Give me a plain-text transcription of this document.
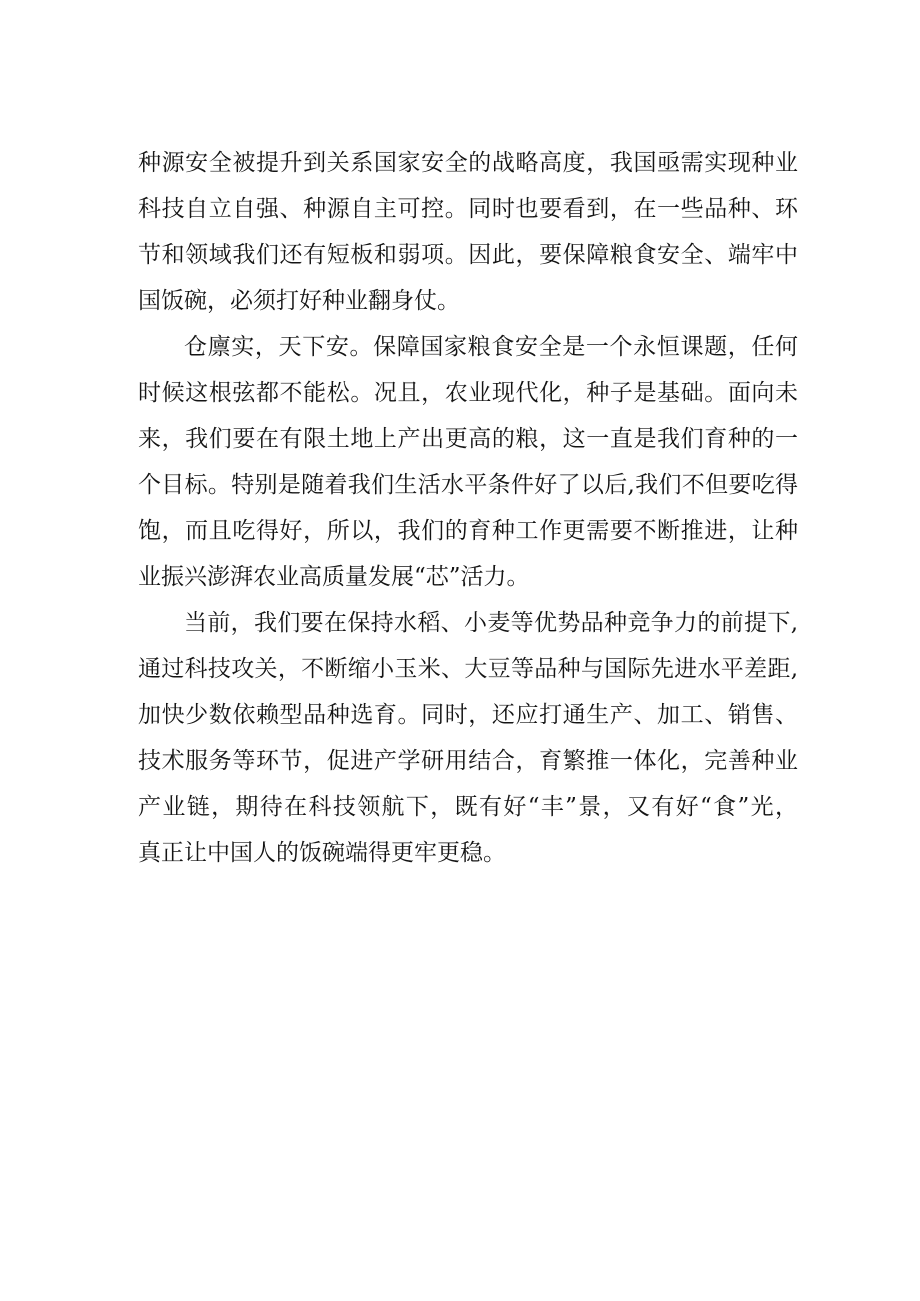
种源安全被提升到关系国家安全的战略高度，我国亟需实现种业
科技自立自强、种源自主可控。同时也要看到，在一些品种、环
节和领域我们还有短板和弱项。因此，要保障粮食安全、端牢中
国饭碗，必须打好种业翻身仗。
仓廪实，天下安。保障国家粮食安全是一个永恒课题，任何
时候这根弦都不能松。况且，农业现代化，种子是基础。面向未
来，我们要在有限土地上产出更高的粮，这一直是我们育种的一
个目标。特别是随着我们生活水平条件好了以后,我们不但要吃得
饱，而且吃得好，所以，我们的育种工作更需要不断推进，让种
业振兴澎湃农业高质量发展“芯”活力。
当前，我们要在保持水稻、小麦等优势品种竞争力的前提下,
通过科技攻关，不断缩小玉米、大豆等品种与国际先进水平差距,
加快少数依赖型品种选育。同时，还应打通生产、加工、销售、
技术服务等环节，促进产学研用结合，育繁推一体化，完善种业
产业链，期待在科技领航下，既有好“丰”景，又有好“食”光，
真正让中国人的饭碗端得更牢更稳。
